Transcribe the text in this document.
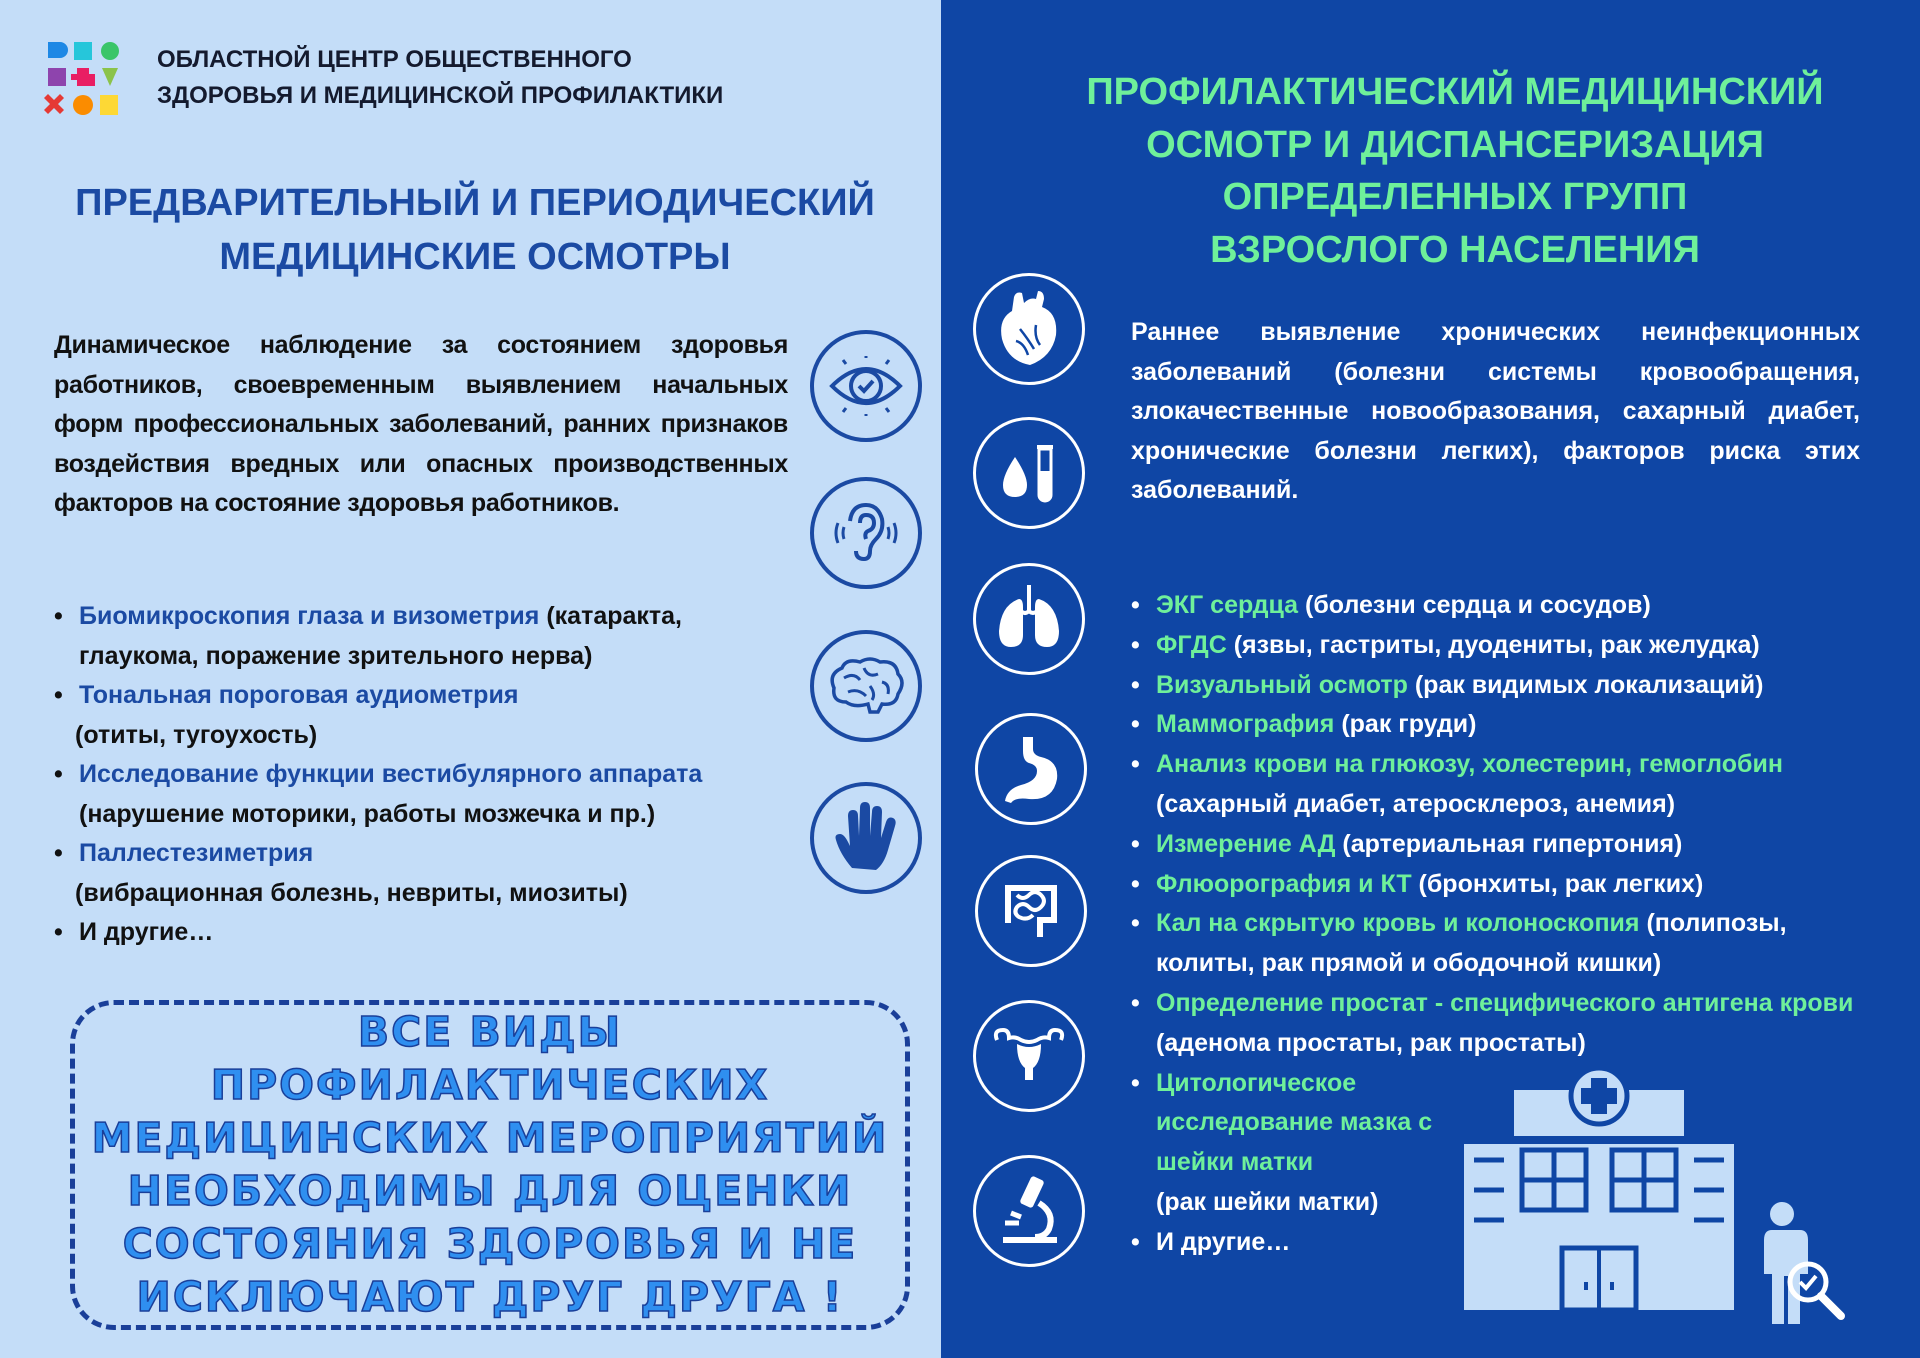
ОБЛАСТНОЙ ЦЕНТР ОБЩЕСТВЕННОГО
ЗДОРОВЬЯ И МЕДИЦИНСКОЙ ПРОФИЛАКТИКИ
ПРЕДВАРИТЕЛЬНЫЙ И ПЕРИОДИЧЕСКИЙ
МЕДИЦИНСКИЕ ОСМОТРЫ
Динамическое наблюдение за состоянием здоровья работников, своевременным выявлением начальных форм профессиональных заболеваний, ранних признаков воздействия вредных или опасных производственных факторов на состояние здоровья работников.
• Биомикроскопия глаза и визометрия (катаракта, глаукома, поражение зрительного нерва)
• Тональная пороговая аудиометрия
(отиты, тугоухость)
• Исследование функции вестибулярного аппарата
(нарушение моторики, работы мозжечка и пр.)
• Паллестезиметрия
(вибрационная болезнь, невриты, миозиты)
• И другие…
ВСЕ ВИДЫ ПРОФИЛАКТИЧЕСКИХ
МЕДИЦИНСКИХ МЕРОПРИЯТИЙ
НЕОБХОДИМЫ ДЛЯ ОЦЕНКИ
СОСТОЯНИЯ ЗДОРОВЬЯ И НЕ
ИСКЛЮЧАЮТ ДРУГ ДРУГА !
ПРОФИЛАКТИЧЕСКИЙ МЕДИЦИНСКИЙ
ОСМОТР И ДИСПАНСЕРИЗАЦИЯ
ОПРЕДЕЛЕННЫХ ГРУПП
ВЗРОСЛОГО НАСЕЛЕНИЯ
Раннее выявление хронических неинфекционных заболеваний (болезни системы кровообращения, злокачественные новообразования, сахарный диабет, хронические болезни легких), факторов риска этих заболеваний.
• ЭКГ сердца (болезни сердца и сосудов)
• ФГДС (язвы, гастриты, дуодениты, рак желудка)
• Визуальный осмотр (рак видимых локализаций)
• Маммография (рак груди)
• Анализ крови на глюкозу, холестерин, гемоглобин
(сахарный диабет, атеросклероз, анемия)
• Измерение АД (артериальная гипертония)
• Флюорография и КТ (бронхиты, рак легких)
• Кал на скрытую кровь и колоноскопия (полипозы, колиты, рак прямой и ободочной кишки)
• Определение простат - специфического антигена крови (аденома простаты, рак простаты)
• Цитологическое исследование мазка с шейки матки
(рак шейки матки)
• И другие…
